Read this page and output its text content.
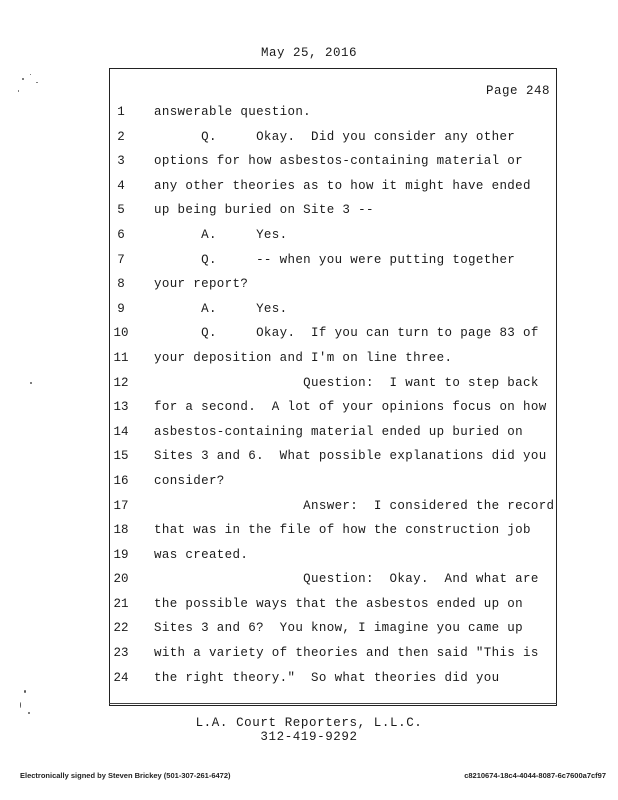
May 25, 2016
Page 248
1	answerable question.
2	Q.     Okay.  Did you consider any other
3	options for how asbestos-containing material or
4	any other theories as to how it might have ended
5	up being buried on Site 3 --
6	A.     Yes.
7	Q.     -- when you were putting together
8	your report?
9	A.     Yes.
10	Q.     Okay.  If you can turn to page 83 of
11	your deposition and I'm on line three.
12	Question:  I want to step back
13	for a second.  A lot of your opinions focus on how
14	asbestos-containing material ended up buried on
15	Sites 3 and 6.  What possible explanations did you
16	consider?
17	Answer:  I considered the record
18	that was in the file of how the construction job
19	was created.
20	Question:  Okay.  And what are
21	the possible ways that the asbestos ended up on
22	Sites 3 and 6?  You know, I imagine you came up
23	with a variety of theories and then said "This is
24	the right theory."  So what theories did you
L.A. Court Reporters, L.L.C.
312-419-9292
Electronically signed by Steven Brickey (501-307-261-6472)	c8210674-18c4-4044-8087-6c7600a7cf97
